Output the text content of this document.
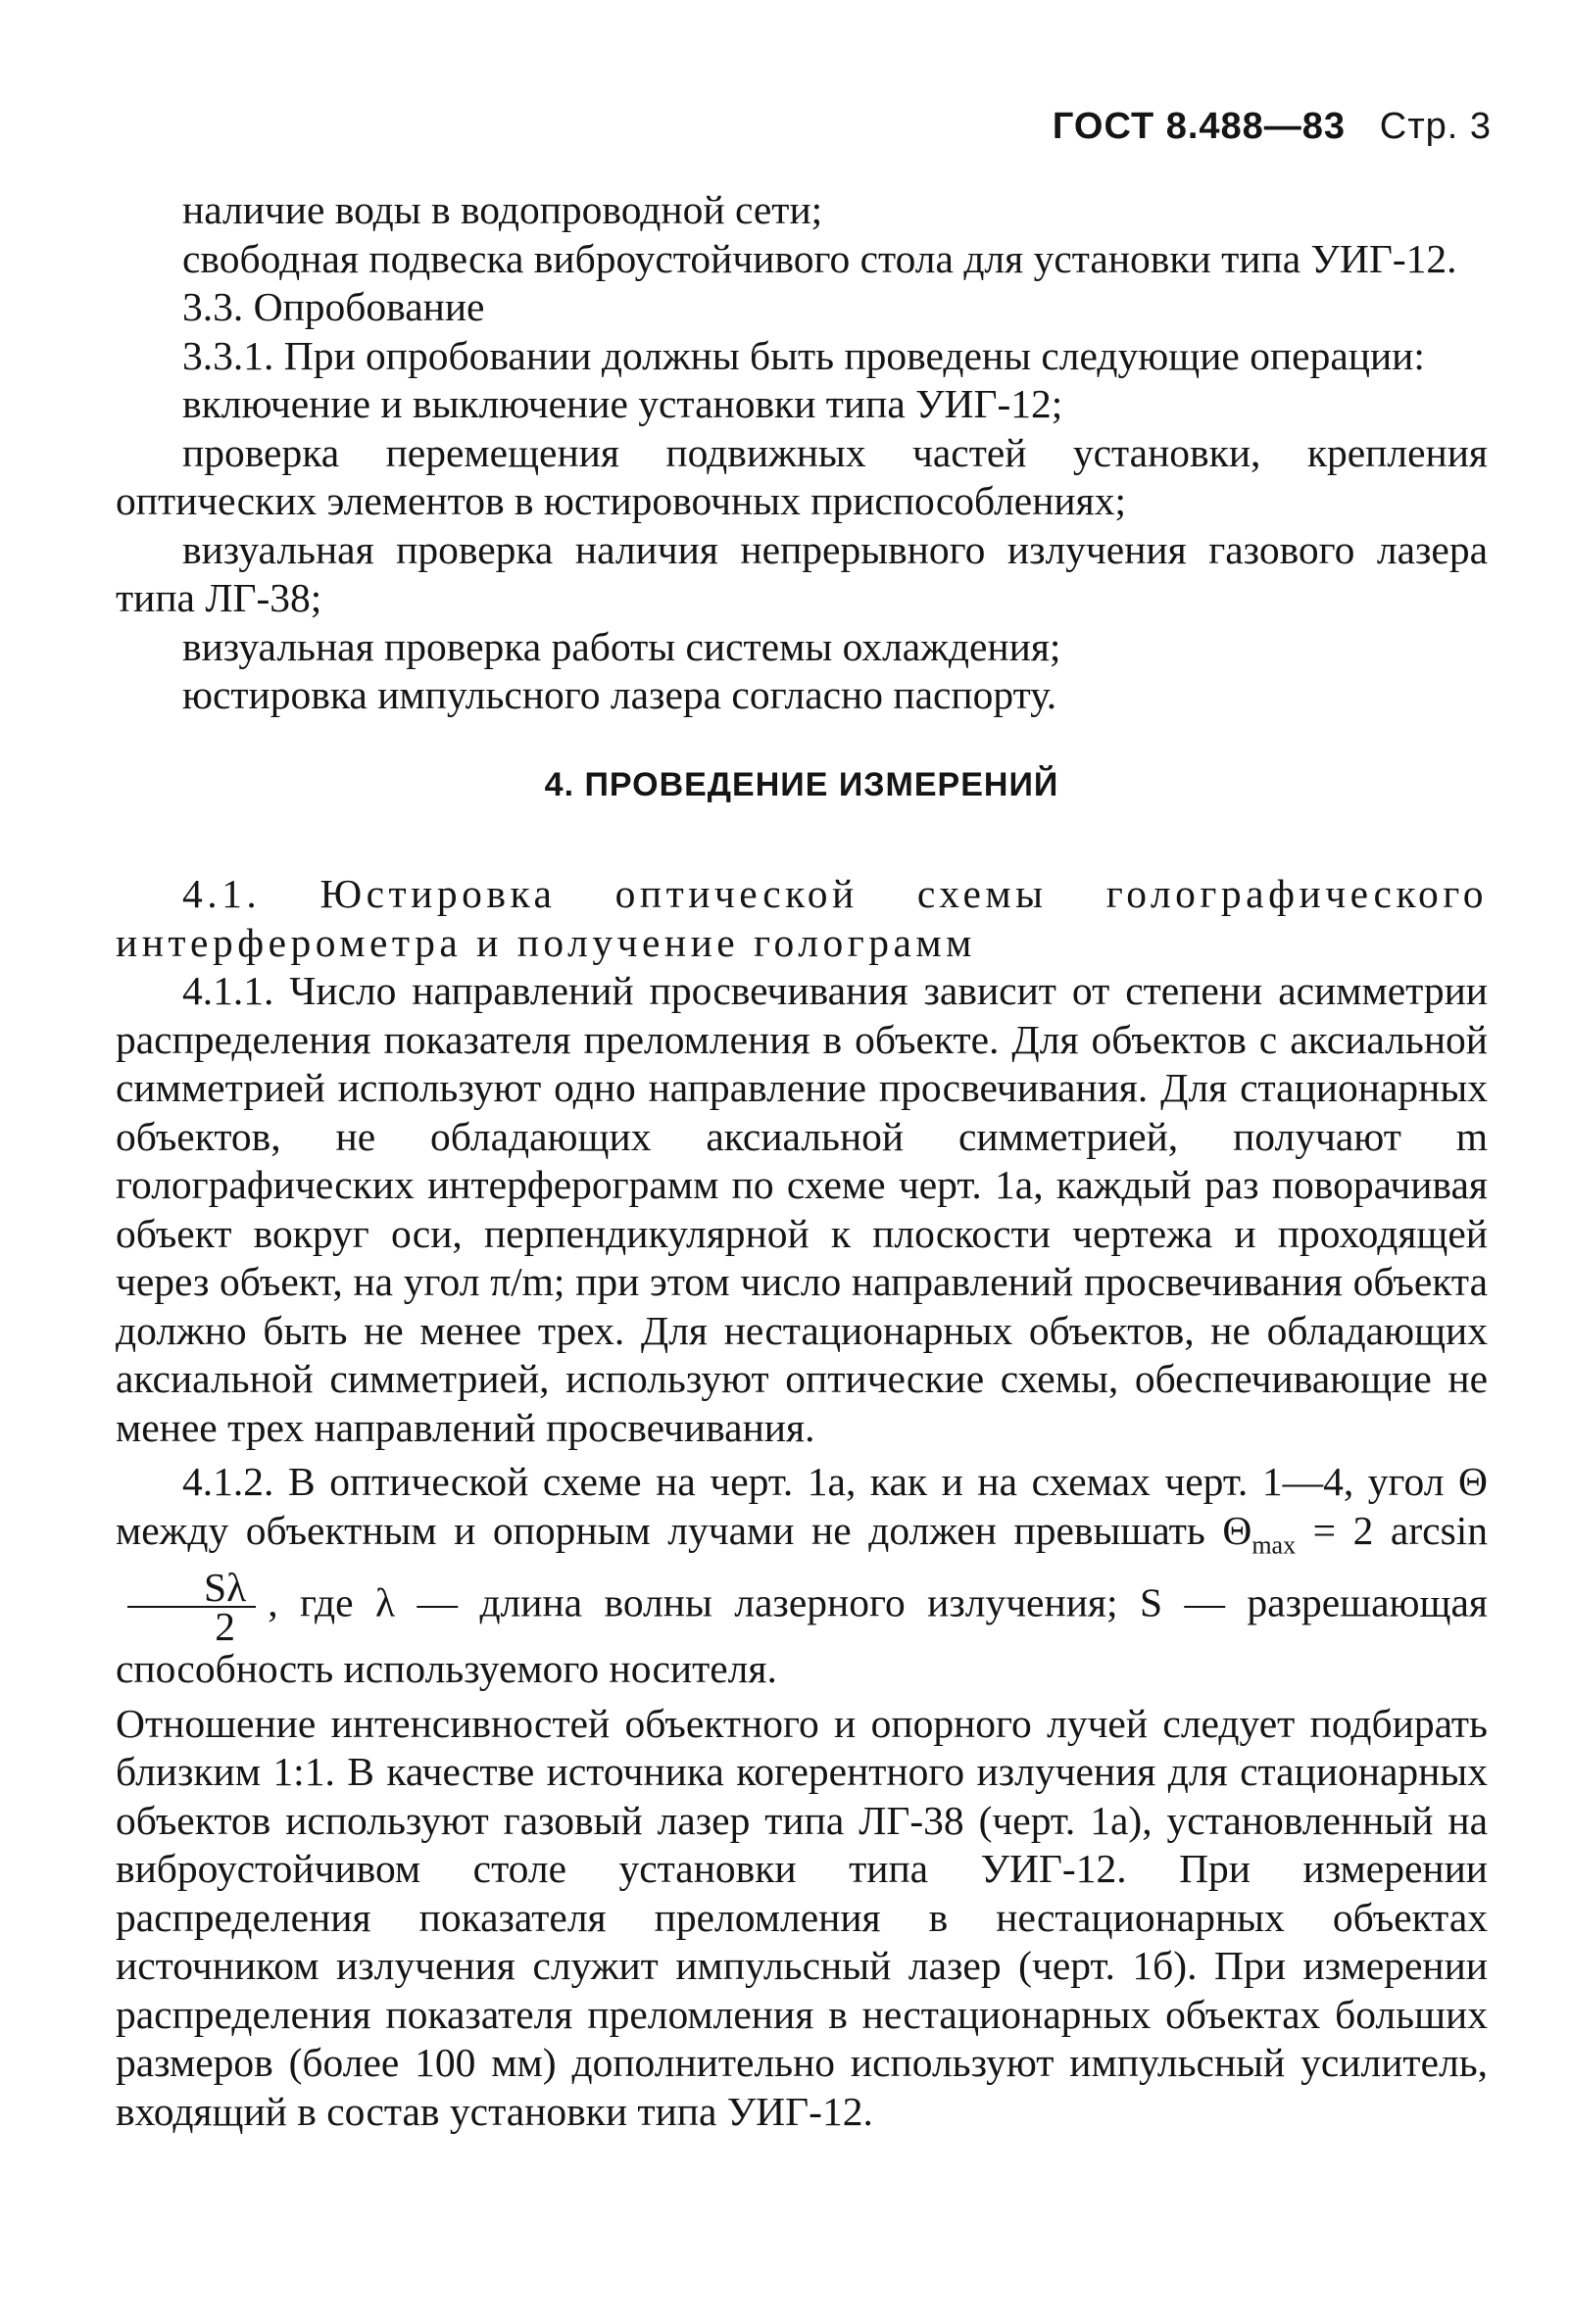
ГОСТ 8.488—83 Стр. 3

наличие воды в водопроводной сети;

свободная подвеска виброустойчивого стола для установки типа УИГ-12.

3.3. Опробование

3.3.1. При опробовании должны быть проведены следующие операции:

включение и выключение установки типа УИГ-12;

проверка перемещения подвижных частей установки, крепления оптических элементов в юстировочных приспособлениях;

визуальная проверка наличия непрерывного излучения газового лазера типа ЛГ-38;

визуальная проверка работы системы охлаждения;

юстировка импульсного лазера согласно паспорту.

4. ПРОВЕДЕНИЕ ИЗМЕРЕНИЙ

4.1. Юстировка оптической схемы голографического интерферометра и получение голограмм

4.1.1. Число направлений просвечивания зависит от степени асимметрии распределения показателя преломления в объекте. Для объектов с аксиальной симметрией используют одно направление просвечивания. Для стационарных объектов, не обладающих аксиальной симметрией, получают m голографических интерферограмм по схеме черт. 1а, каждый раз поворачивая объект вокруг оси, перпендикулярной к плоскости чертежа и проходящей через объект, на угол π/m; при этом число направлений просвечивания объекта должно быть не менее трех. Для нестационарных объектов, не обладающих аксиальной симметрией, используют оптические схемы, обеспечивающие не менее трех направлений просвечивания.

4.1.2. В оптической схеме на черт. 1а, как и на схемах черт. 1—4, угол Θ между объектным и опорным лучами не должен превышать $\Theta_{max} = 2$ arcsin
$\frac{S\lambda}{2}$ , где λ — длина волны лазерного излучения; S — разрешающая способность используемого носителя.

Отношение интенсивностей объектного и опорного лучей следует подбирать близким 1:1. В качестве источника когерентного излучения для стационарных объектов используют газовый лазер типа ЛГ-38 (черт. 1а), установленный на виброустойчивом столе установки типа УИГ-12. При измерении распределения показателя преломления в нестационарных объектах источником излучения служит импульсный лазер (черт. 1б). При измерении распределения показателя преломления в нестационарных объектах больших размеров (более 100 мм) дополнительно используют импульсный усилитель, входящий в состав установки типа УИГ-12.
